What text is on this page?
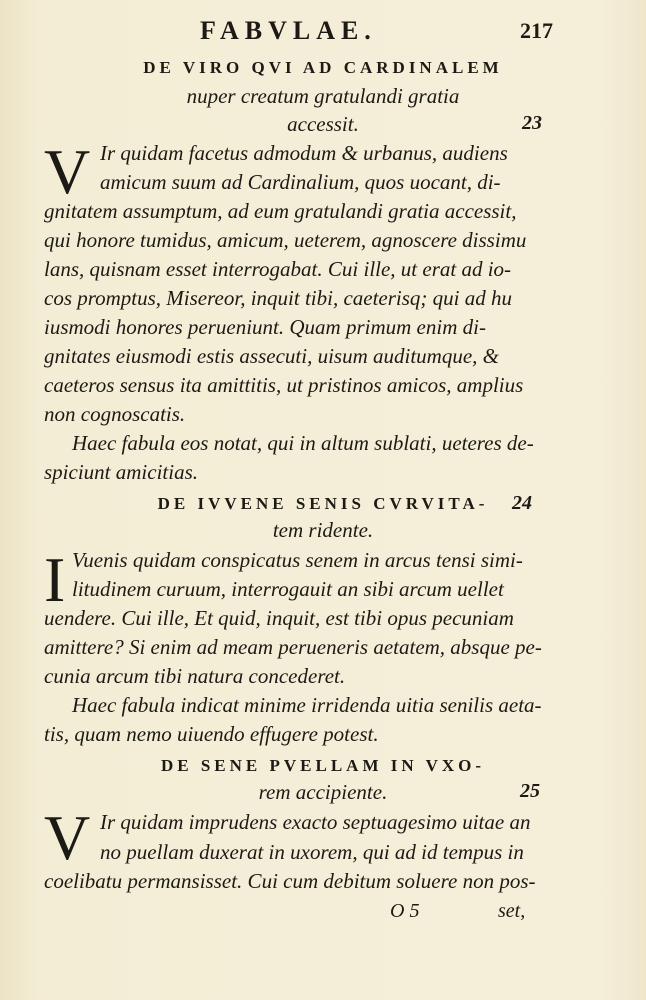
FABVLAE.	217
DE VIRO QVI AD CARDINALEM
nuper creatum gratulandi gratia
accessit.	23
V Ir quidam facetus admodum & urbanus, audiens
amicum suum ad Cardinalium, quos uocant, di-
gnitatem assumptum, ad eum gratulandi gratia accessit,
qui honore tumidus, amicum, ueterem, agnoscere dissimu
lans, quisnam esset interrogabat. Cui ille, ut erat ad io-
cos promptus, Misereor, inquit tibi, caeterisq; qui ad hu
iusmodi honores perueniunt. Quam primum enim di-
gnitates eiusmodi estis assecuti, uisum auditumque, &
caeteros sensus ita amittitis, ut pristinos amicos, amplius
non cognoscatis.
Haec fabula eos notat, qui in altum sublati, ueteres de-
spiciunt amicitias.
DE IVVENE SENIS CVRVITA-	24
tem ridente.
I Vuenis quidam conspicatus senem in arcus tensi simi-
litudinem curuum, interrogauit an sibi arcum uellet
uendere. Cui ille, Et quid, inquit, est tibi opus pecuniam
amittere? Si enim ad meam perueneris aetatem, absque pe-
cunia arcum tibi natura concederet.
Haec fabula indicat minime irridenda uitia senilis aeta-
tis, quam nemo uiuendo effugere potest.
DE SENE PVELLAM IN VXO-
rem accipiente.	25
V Ir quidam imprudens exacto septuagesimo uitae an
no puellam duxerat in uxorem, qui ad id tempus in
coelibatu permansisset. Cui cum debitum soluere non pos-
O 5	set,
